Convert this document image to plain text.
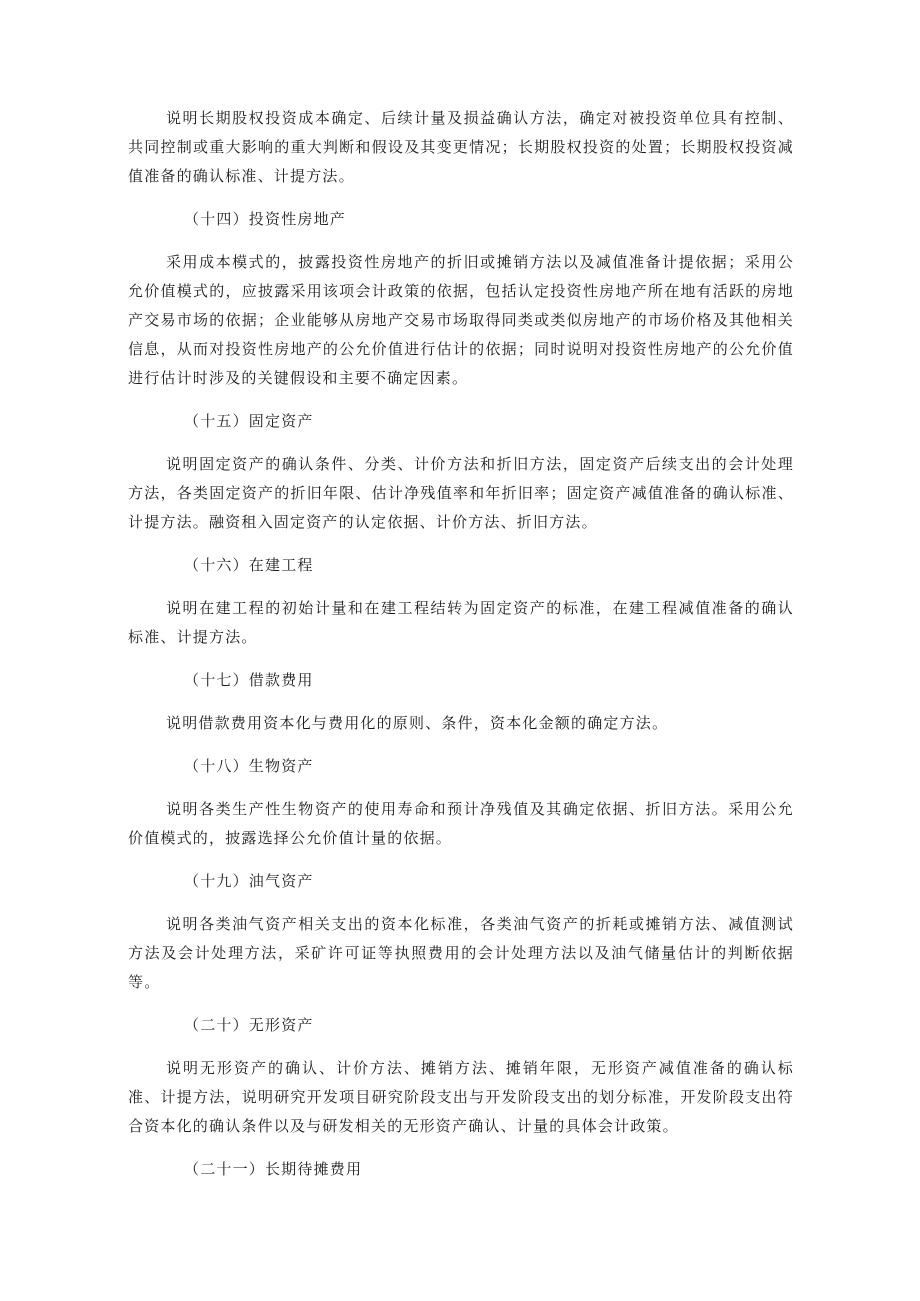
说明长期股权投资成本确定、后续计量及损益确认方法，确定对被投资单位具有控制、共同控制或重大影响的重大判断和假设及其变更情况；长期股权投资的处置；长期股权投资减值准备的确认标准、计提方法。

（十四）投资性房地产

采用成本模式的，披露投资性房地产的折旧或摊销方法以及减值准备计提依据；采用公允价值模式的，应披露采用该项会计政策的依据，包括认定投资性房地产所在地有活跃的房地产交易市场的依据；企业能够从房地产交易市场取得同类或类似房地产的市场价格及其他相关信息，从而对投资性房地产的公允价值进行估计的依据；同时说明对投资性房地产的公允价值进行估计时涉及的关键假设和主要不确定因素。

（十五）固定资产

说明固定资产的确认条件、分类、计价方法和折旧方法，固定资产后续支出的会计处理方法，各类固定资产的折旧年限、估计净残值率和年折旧率；固定资产减值准备的确认标准、计提方法。融资租入固定资产的认定依据、计价方法、折旧方法。

（十六）在建工程

说明在建工程的初始计量和在建工程结转为固定资产的标准，在建工程减值准备的确认标准、计提方法。

（十七）借款费用

说明借款费用资本化与费用化的原则、条件，资本化金额的确定方法。

（十八）生物资产

说明各类生产性生物资产的使用寿命和预计净残值及其确定依据、折旧方法。采用公允价值模式的，披露选择公允价值计量的依据。

（十九）油气资产

说明各类油气资产相关支出的资本化标准，各类油气资产的折耗或摊销方法、减值测试方法及会计处理方法，采矿许可证等执照费用的会计处理方法以及油气储量估计的判断依据等。

（二十）无形资产

说明无形资产的确认、计价方法、摊销方法、摊销年限，无形资产减值准备的确认标准、计提方法，说明研究开发项目研究阶段支出与开发阶段支出的划分标准，开发阶段支出符合资本化的确认条件以及与研发相关的无形资产确认、计量的具体会计政策。

（二十一）长期待摊费用
